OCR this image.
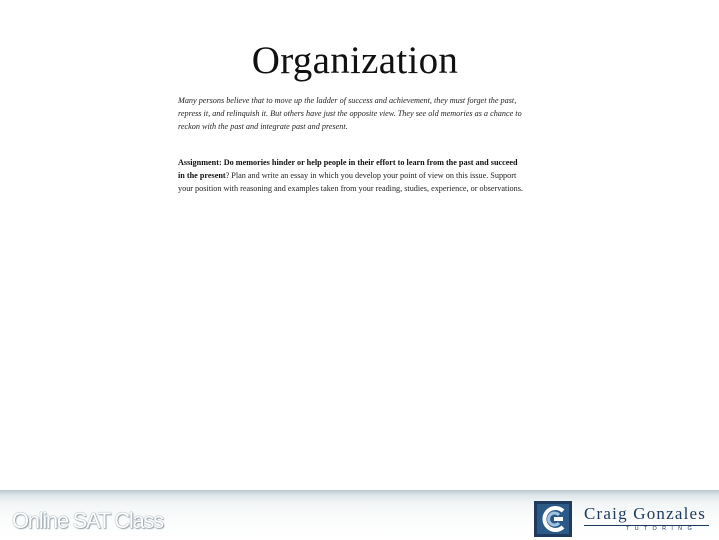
Organization
Many persons believe that to move up the ladder of success and achievement, they must forget the past, repress it, and relinquish it. But others have just the opposite view. They see old memories as a chance to reckon with the past and integrate past and present.
Assignment: Do memories hinder or help people in their effort to learn from the past and succeed in the present? Plan and write an essay in which you develop your point of view on this issue. Support your position with reasoning and examples taken from your reading, studies, experience, or observations.
Online SAT Class	Craig Gonzales
TUTORING
